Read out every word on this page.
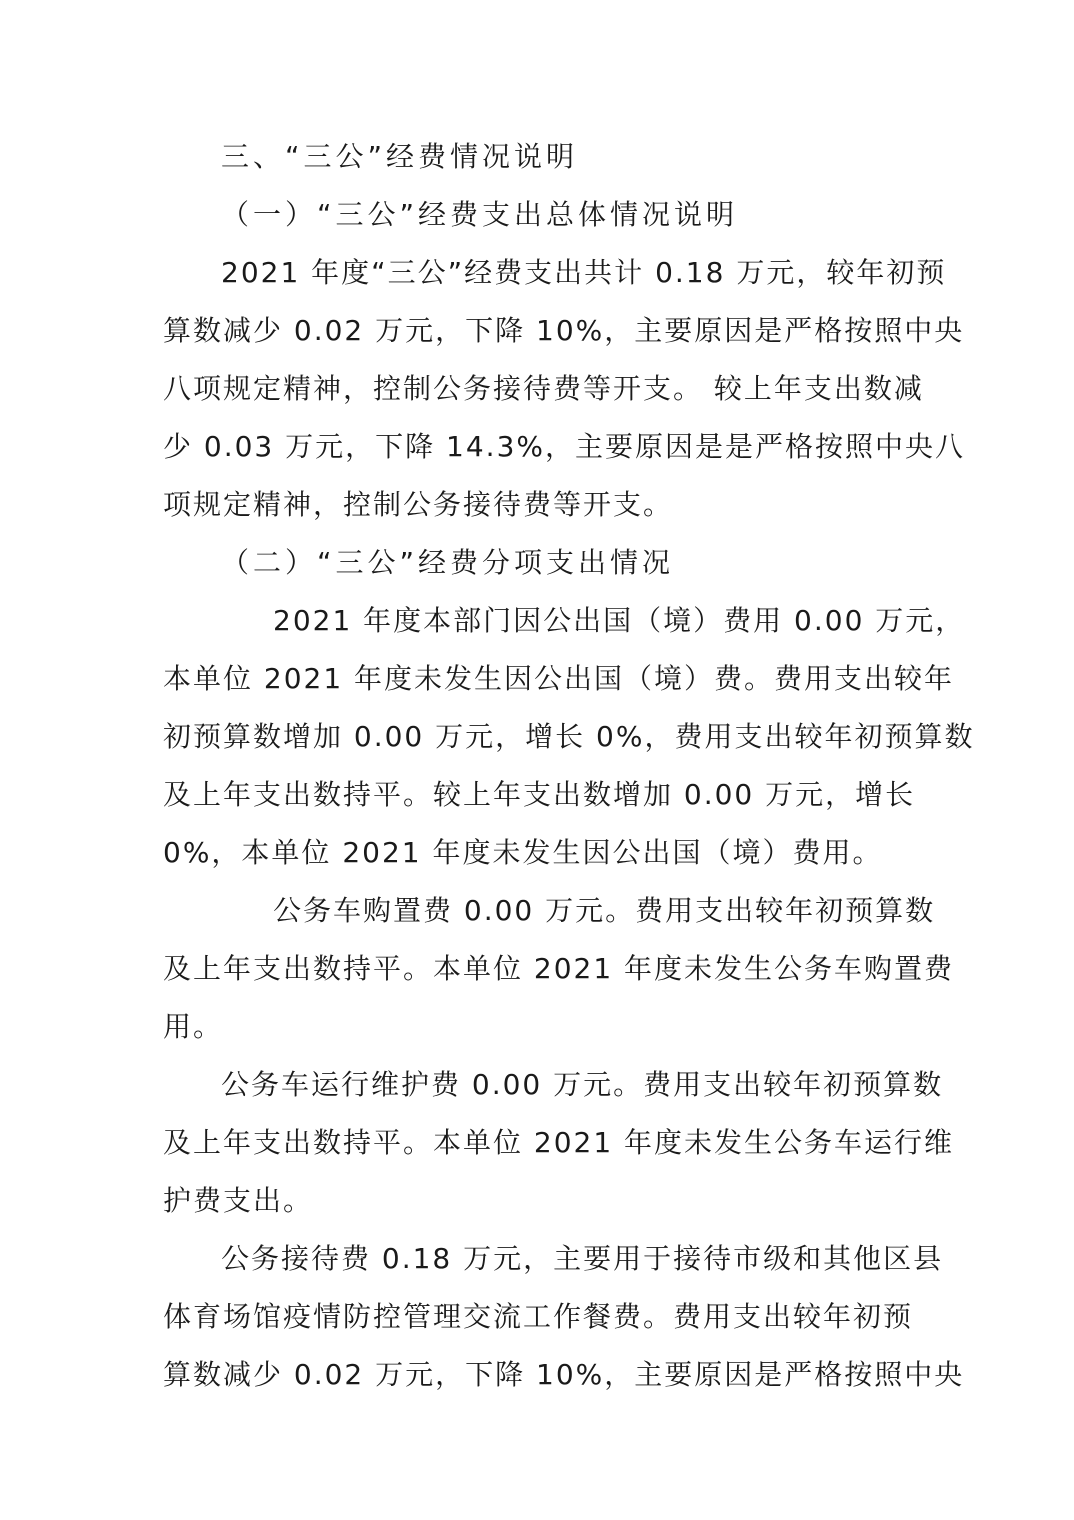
三、“三公”经费情况说明
（一）“三公”经费支出总体情况说明
2021 年度“三公”经费支出共计 0.18 万元，较年初预
算数减少 0.02 万元，下降 10%，主要原因是严格按照中央
八项规定精神，控制公务接待费等开支。 较上年支出数减
少 0.03 万元，下降 14.3%，主要原因是是严格按照中央八
项规定精神，控制公务接待费等开支。
（二）“三公”经费分项支出情况
2021 年度本部门因公出国（境）费用 0.00 万元，
本单位 2021 年度未发生因公出国（境）费。费用支出较年
初预算数增加 0.00 万元，增长 0%，费用支出较年初预算数
及上年支出数持平。较上年支出数增加 0.00 万元，增长
0%，本单位 2021 年度未发生因公出国（境）费用。
公务车购置费 0.00 万元。费用支出较年初预算数
及上年支出数持平。本单位 2021 年度未发生公务车购置费
用。
公务车运行维护费 0.00 万元。费用支出较年初预算数
及上年支出数持平。本单位 2021 年度未发生公务车运行维
护费支出。
公务接待费 0.18 万元，主要用于接待市级和其他区县
体育场馆疫情防控管理交流工作餐费。费用支出较年初预
算数减少 0.02 万元，下降 10%，主要原因是严格按照中央
